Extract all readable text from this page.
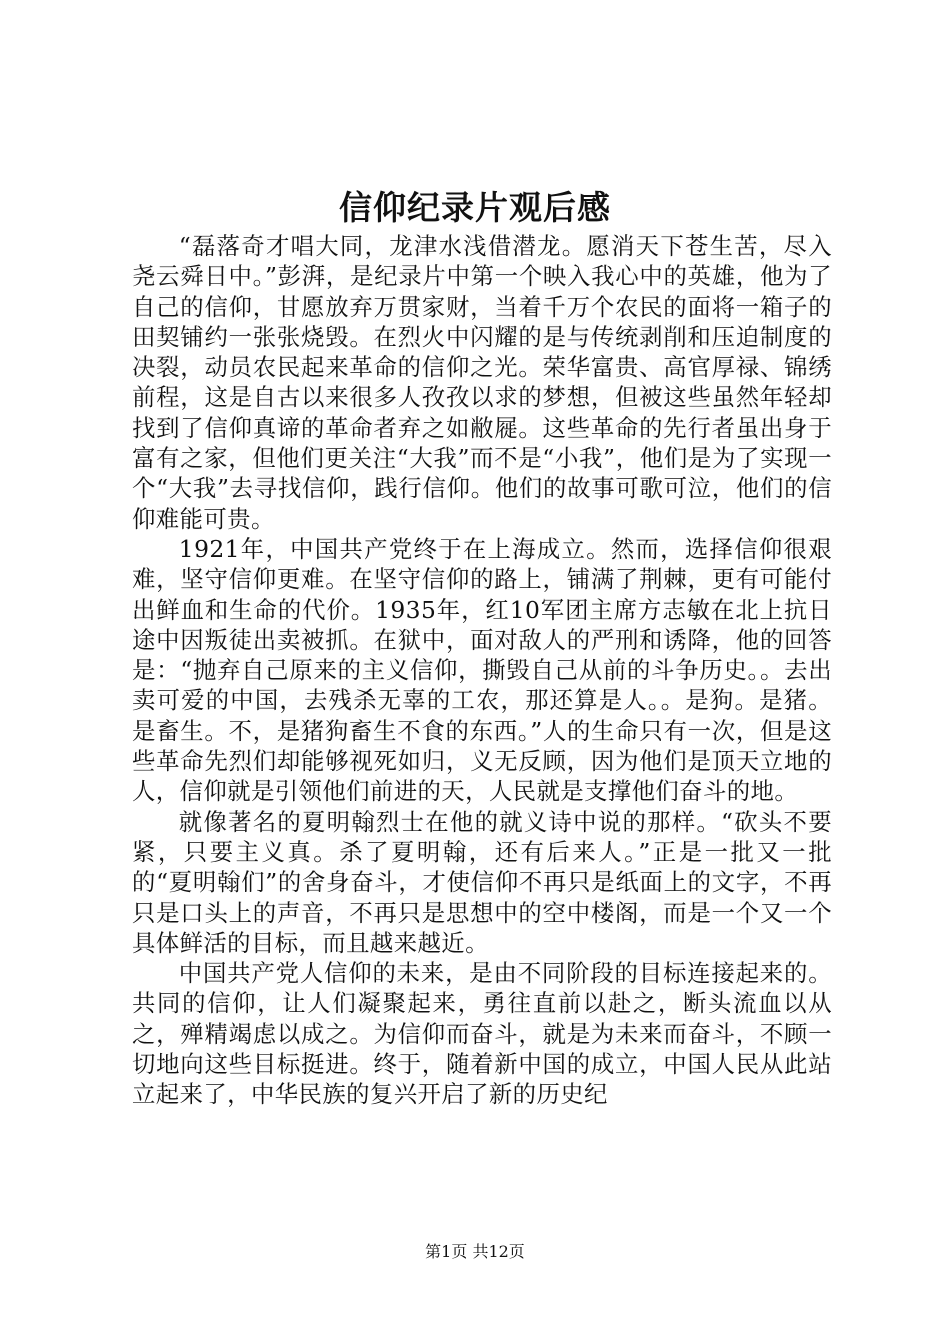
信仰纪录片观后感

“磊落奇才唱大同，龙津水浅借潜龙。愿消天下苍生苦，尽入尧云舜日中。”彭湃，是纪录片中第一个映入我心中的英雄，他为了自己的信仰，甘愿放弃万贯家财，当着千万个农民的面将一箱子的田契铺约一张张烧毁。在烈火中闪耀的是与传统剥削和压迫制度的决裂，动员农民起来革命的信仰之光。荣华富贵、高官厚禄、锦绣前程，这是自古以来很多人孜孜以求的梦想，但被这些虽然年轻却找到了信仰真谛的革命者弃之如敝屣。这些革命的先行者虽出身于富有之家，但他们更关注“大我”而不是“小我”，他们是为了实现一个“大我”去寻找信仰，践行信仰。他们的故事可歌可泣，他们的信仰难能可贵。

1921年，中国共产党终于在上海成立。然而，选择信仰很艰难，坚守信仰更难。在坚守信仰的路上，铺满了荆棘，更有可能付出鲜血和生命的代价。1935年，红10军团主席方志敏在北上抗日途中因叛徒出卖被抓。在狱中，面对敌人的严刑和诱降，他的回答是：“抛弃自己原来的主义信仰，撕毁自己从前的斗争历史。。去出卖可爱的中国，去残杀无辜的工农，那还算是人。。是狗。是猪。是畜生。不，是猪狗畜生不食的东西。”人的生命只有一次，但是这些革命先烈们却能够视死如归，义无反顾，因为他们是顶天立地的人，信仰就是引领他们前进的天，人民就是支撑他们奋斗的地。

就像著名的夏明翰烈士在他的就义诗中说的那样。“砍头不要紧，只要主义真。杀了夏明翰，还有后来人。”正是一批又一批的“夏明翰们”的舍身奋斗，才使信仰不再只是纸面上的文字，不再只是口头上的声音，不再只是思想中的空中楼阁，而是一个又一个具体鲜活的目标，而且越来越近。

中国共产党人信仰的未来，是由不同阶段的目标连接起来的。共同的信仰，让人们凝聚起来，勇往直前以赴之，断头流血以从之，殚精竭虑以成之。为信仰而奋斗，就是为未来而奋斗，不顾一切地向这些目标挺进。终于，随着新中国的成立，中国人民从此站立起来了，中华民族的复兴开启了新的历史纪

第1页 共12页
